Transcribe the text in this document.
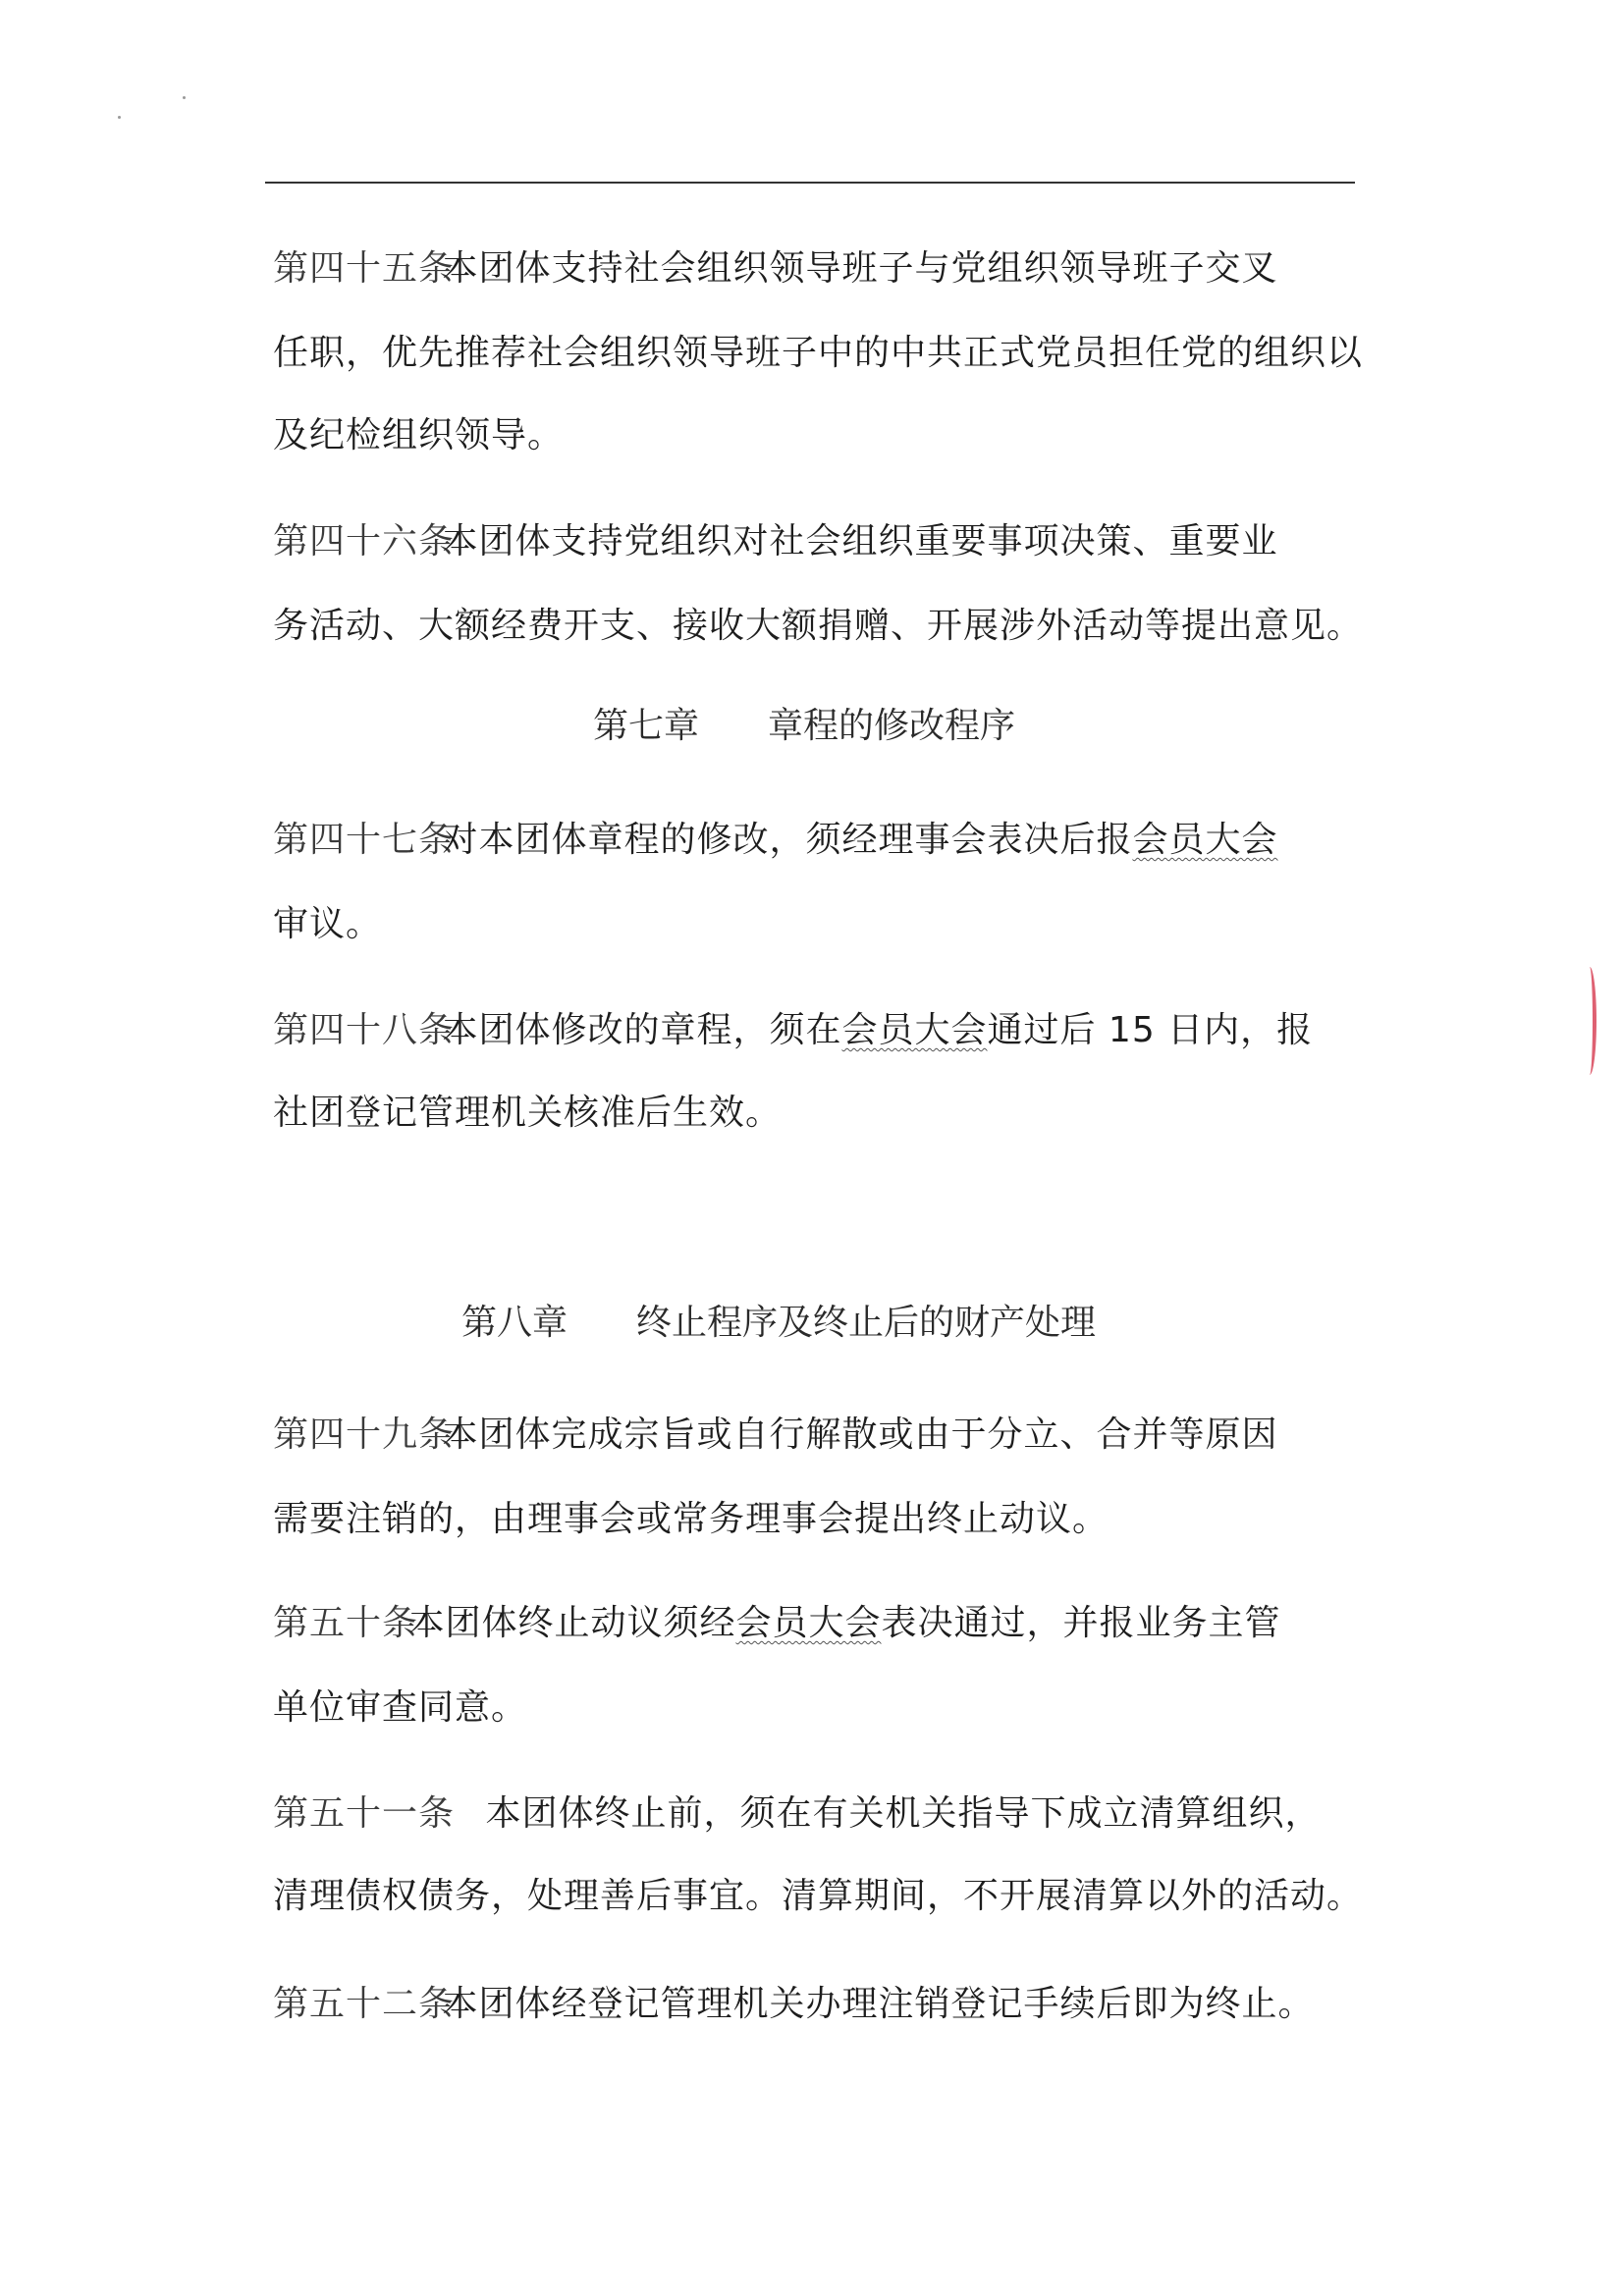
第四十五条 本团体支持社会组织领导班子与党组织领导班子交叉
任职，优先推荐社会组织领导班子中的中共正式党员担任党的组织以
及纪检组织领导。
第四十六条 本团体支持党组织对社会组织重要事项决策、重要业
务活动、大额经费开支、接收大额捐赠、开展涉外活动等提出意见。
第七章 章程的修改程序
第四十七条 对本团体章程的修改，须经理事会表决后报会员大会
审议。
第四十八条 本团体修改的章程，须在会员大会通过后 15 日内，报
社团登记管理机关核准后生效。
第八章 终止程序及终止后的财产处理
第四十九条 本团体完成宗旨或自行解散或由于分立、合并等原因
需要注销的，由理事会或常务理事会提出终止动议。
第五十条 本团体终止动议须经会员大会表决通过，并报业务主管
单位审查同意。
第五十一条 本团体终止前，须在有关机关指导下成立清算组织，
清理债权债务，处理善后事宜。清算期间，不开展清算以外的活动。
第五十二条 本团体经登记管理机关办理注销登记手续后即为终止。
